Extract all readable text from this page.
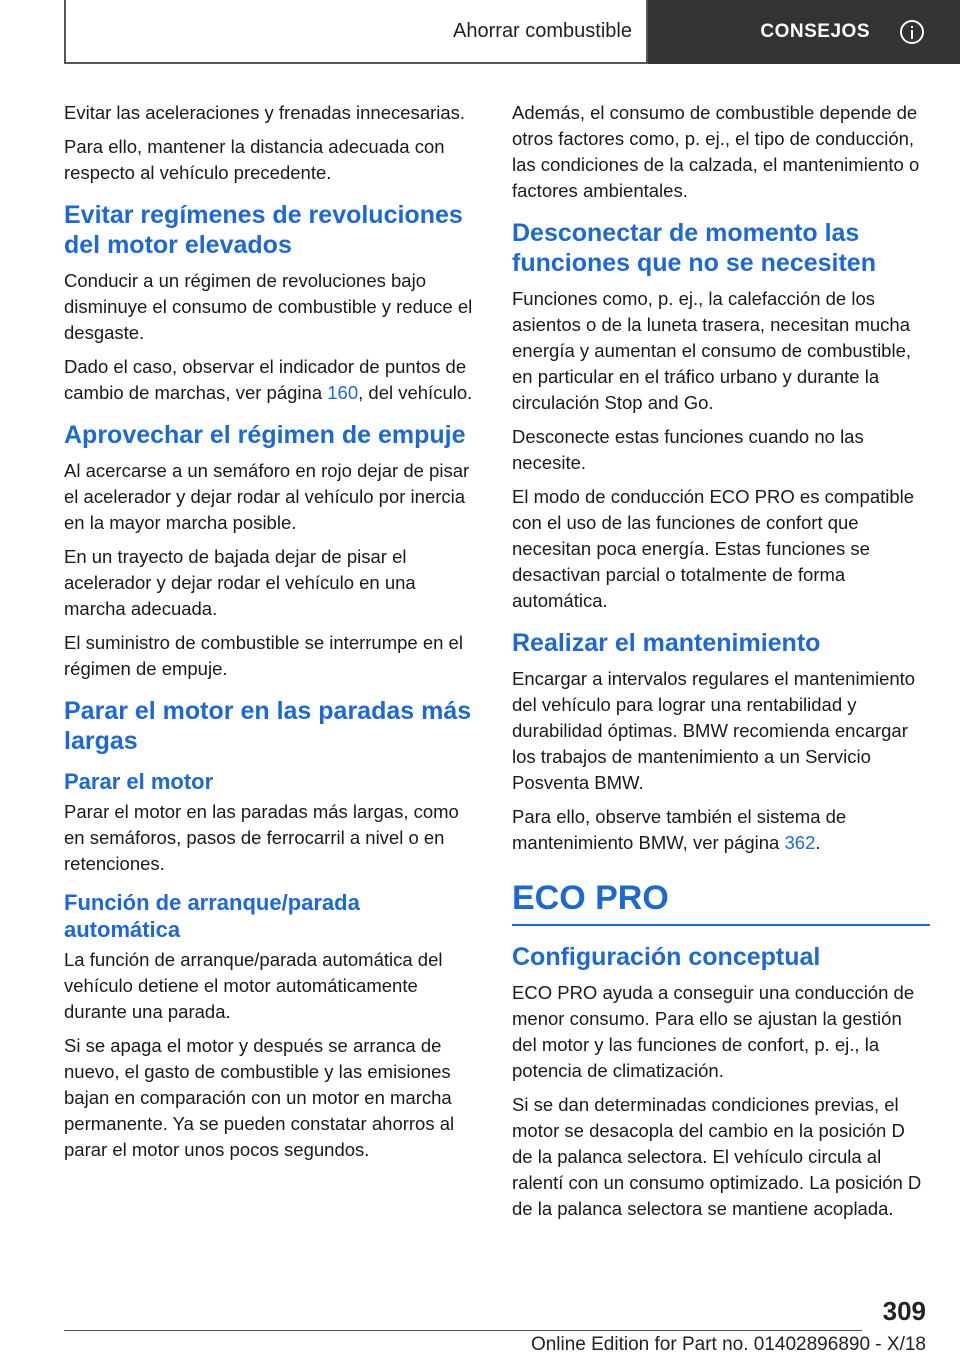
Ahorrar combustible	CONSEJOS

Evitar las aceleraciones y frenadas innecesarias.

Para ello, mantener la distancia adecuada con respecto al vehículo precedente.

Evitar regímenes de revoluciones del motor elevados

Conducir a un régimen de revoluciones bajo disminuye el consumo de combustible y reduce el desgaste.

Dado el caso, observar el indicador de puntos de cambio de marchas, ver página 160, del vehículo.

Aprovechar el régimen de empuje

Al acercarse a un semáforo en rojo dejar de pisar el acelerador y dejar rodar al vehículo por inercia en la mayor marcha posible.

En un trayecto de bajada dejar de pisar el acelerador y dejar rodar el vehículo en una marcha adecuada.

El suministro de combustible se interrumpe en el régimen de empuje.

Parar el motor en las paradas más largas
Parar el motor

Parar el motor en las paradas más largas, como en semáforos, pasos de ferrocarril a nivel o en retenciones.

Función de arranque/parada automática

La función de arranque/parada automática del vehículo detiene el motor automáticamente durante una parada.

Si se apaga el motor y después se arranca de nuevo, el gasto de combustible y las emisiones bajan en comparación con un motor en marcha permanente. Ya se pueden constatar ahorros al parar el motor unos pocos segundos.

Además, el consumo de combustible depende de otros factores como, p. ej., el tipo de conducción, las condiciones de la calzada, el mantenimiento o factores ambientales.

Desconectar de momento las funciones que no se necesiten

Funciones como, p. ej., la calefacción de los asientos o de la luneta trasera, necesitan mucha energía y aumentan el consumo de combustible, en particular en el tráfico urbano y durante la circulación Stop and Go.

Desconecte estas funciones cuando no las necesite.

El modo de conducción ECO PRO es compatible con el uso de las funciones de confort que necesitan poca energía. Estas funciones se desactivan parcial o totalmente de forma automática.

Realizar el mantenimiento

Encargar a intervalos regulares el mantenimiento del vehículo para lograr una rentabilidad y durabilidad óptimas. BMW recomienda encargar los trabajos de mantenimiento a un Servicio Posventa BMW.

Para ello, observe también el sistema de mantenimiento BMW, ver página 362.

ECO PRO
Configuración conceptual

ECO PRO ayuda a conseguir una conducción de menor consumo. Para ello se ajustan la gestión del motor y las funciones de confort, p. ej., la potencia de climatización.

Si se dan determinadas condiciones previas, el motor se desacopla del cambio en la posición D de la palanca selectora. El vehículo circula al ralentí con un consumo optimizado. La posición D de la palanca selectora se mantiene acoplada.

309
Online Edition for Part no. 01402896890 - X/18
